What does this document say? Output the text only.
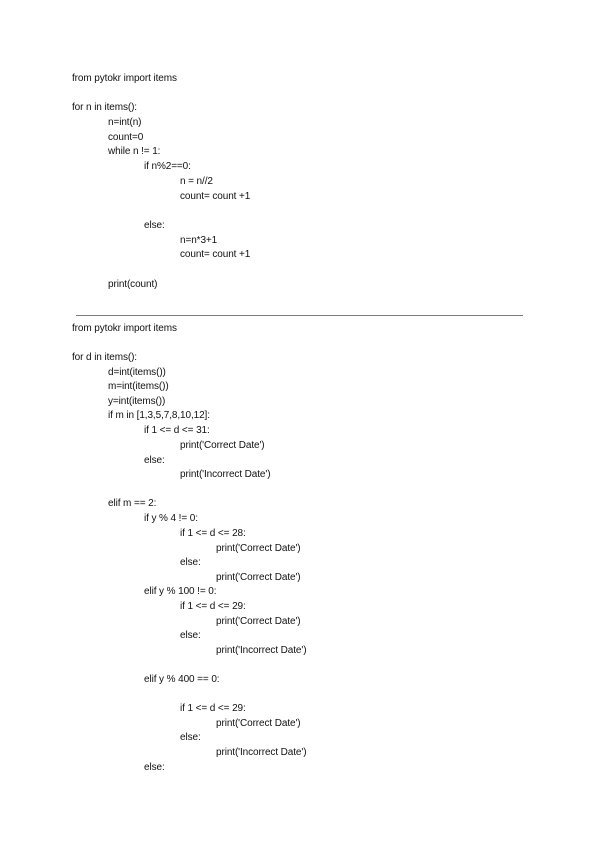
from pytokr import items
for n in items():
n=int(n)
count=0
while n != 1:
if n%2==0:
n = n//2
count= count +1
else:
n=n*3+1
count= count +1
print(count)
from pytokr import items
for d in items():
d=int(items())
m=int(items())
y=int(items())
if m in [1,3,5,7,8,10,12]:
if 1 <= d <= 31:
print('Correct Date')
else:
print('Incorrect Date')
elif m == 2:
if y % 4 != 0:
if 1 <= d <= 28:
print('Correct Date')
else:
print('Correct Date')
elif y % 100 != 0:
if 1 <= d <= 29:
print('Correct Date')
else:
print('Incorrect Date')
elif y % 400 == 0:
if 1 <= d <= 29:
print('Correct Date')
else:
print('Incorrect Date')
else:
